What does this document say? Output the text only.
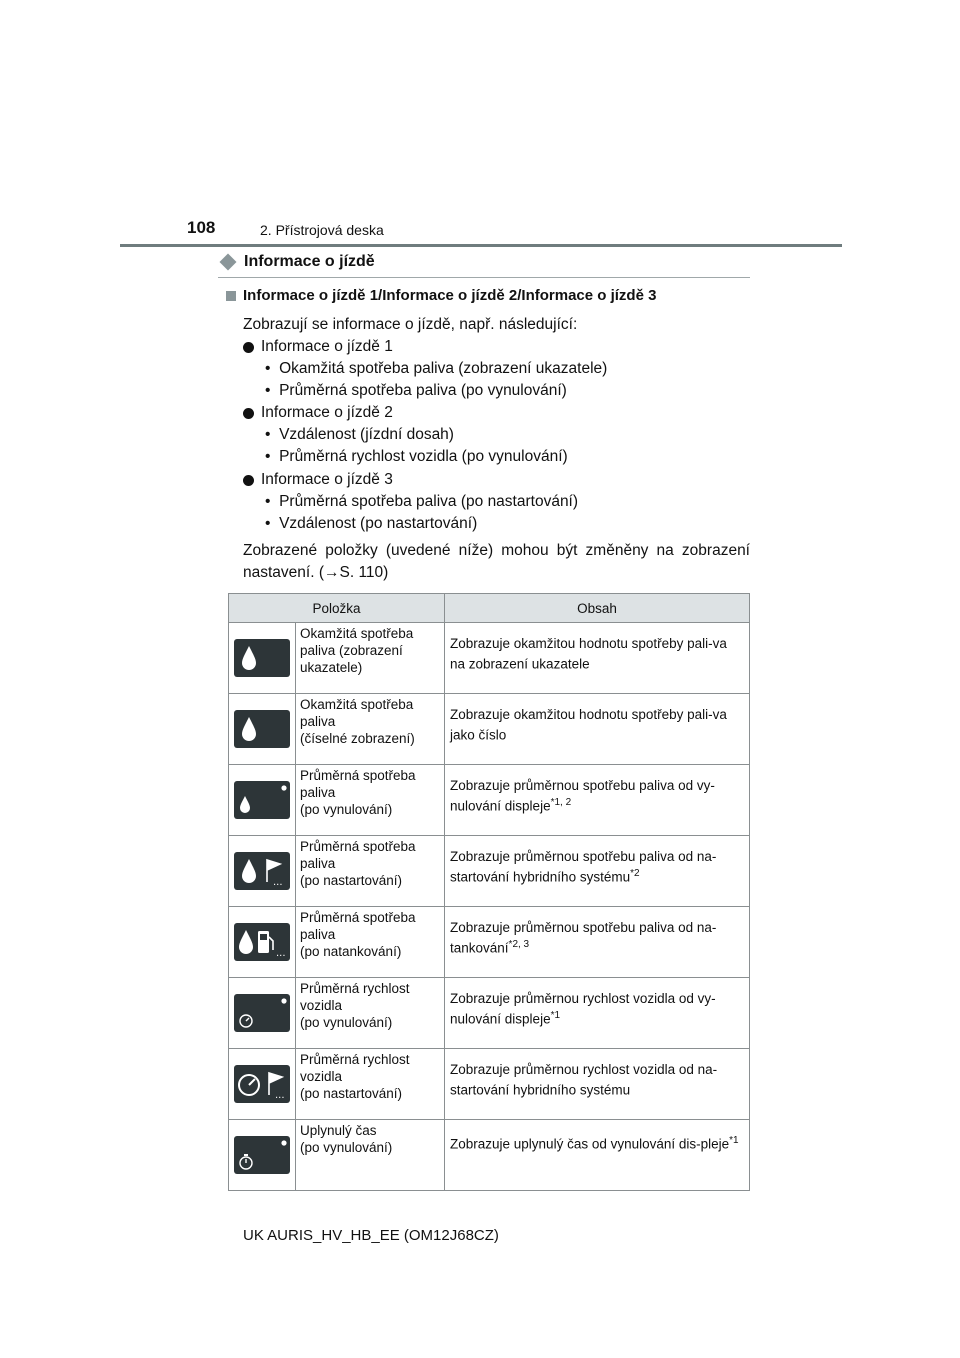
108	2. Přístrojová deska
Informace o jízdě
Informace o jízdě 1/Informace o jízdě 2/Informace o jízdě 3
Zobrazují se informace o jízdě, např. následující:
Informace o jízdě 1
• Okamžitá spotřeba paliva (zobrazení ukazatele)
• Průměrná spotřeba paliva (po vynulování)
Informace o jízdě 2
• Vzdálenost (jízdní dosah)
• Průměrná rychlost vozidla (po vynulování)
Informace o jízdě 3
• Průměrná spotřeba paliva (po nastartování)
• Vzdálenost (po nastartování)
Zobrazené položky (uvedené níže) mohou být změněny na zobrazení nastavení. (→S. 110)
Položka		Obsah

Okamžitá spotřeba
paliva (zobrazení
ukazatele)	Zobrazuje okamžitou hodnotu spotřeby pali-va na zobrazení ukazatele

Okamžitá spotřeba
paliva
(číselné zobrazení)	Zobrazuje okamžitou hodnotu spotřeby pali-va jako číslo

Průměrná spotřeba
paliva
(po vynulování)	Zobrazuje průměrnou spotřebu paliva od vy-nulování displeje$^{*1, 2}$

...	Průměrná spotřeba
paliva
(po nastartování)	Zobrazuje průměrnou spotřebu paliva od na-startování hybridního systému$^{*2}$

...	Průměrná spotřeba
paliva
(po natankování)	Zobrazuje průměrnou spotřebu paliva od na-tankování$^{*2, 3}$

Průměrná rychlost
vozidla
(po vynulování)	Zobrazuje průměrnou rychlost vozidla od vy-nulování displeje$^{*1}$

...	Průměrná rychlost
vozidla
(po nastartování)	Zobrazuje průměrnou rychlost vozidla od na-startování hybridního systému

Uplynulý čas
(po vynulování)	Zobrazuje uplynulý čas od vynulování dis-pleje$^{*1}$
UK AURIS_HV_HB_EE (OM12J68CZ)
